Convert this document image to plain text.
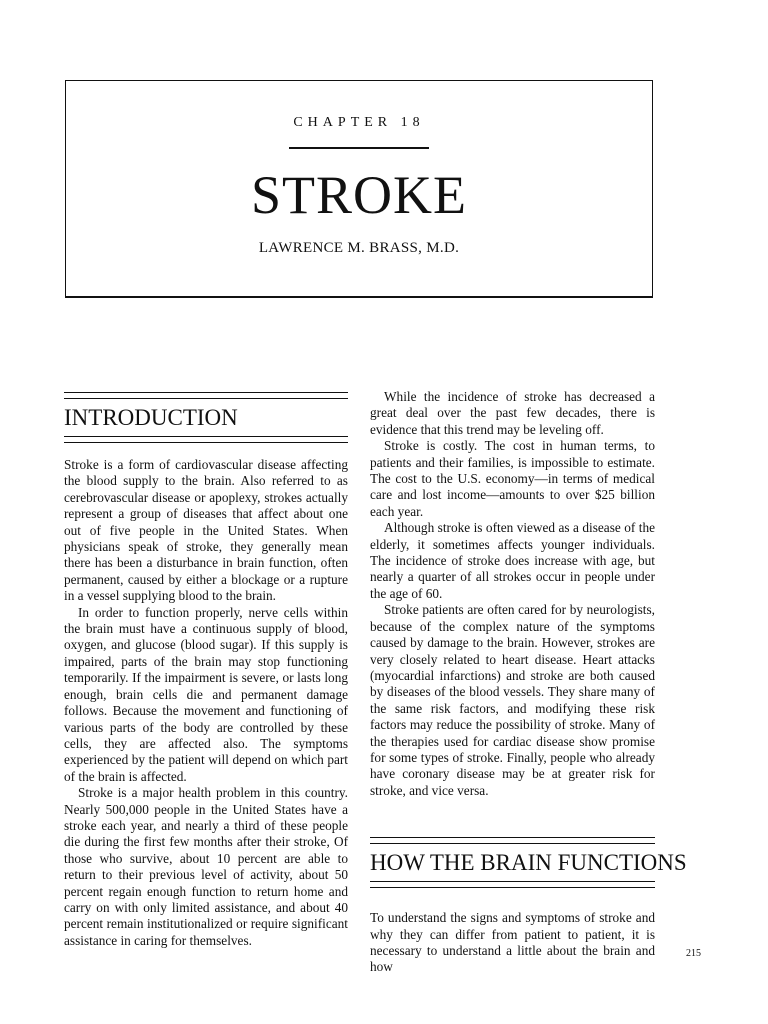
CHAPTER 18
STROKE
LAWRENCE M. BRASS, M.D.
INTRODUCTION

Stroke is a form of cardiovascular disease affecting the blood supply to the brain. Also referred to as cerebrovascular disease or apoplexy, strokes actually represent a group of diseases that affect about one out of five people in the United States. When physicians speak of stroke, they generally mean there has been a disturbance in brain function, often permanent, caused by either a blockage or a rupture in a vessel supplying blood to the brain.

In order to function properly, nerve cells within the brain must have a continuous supply of blood, oxygen, and glucose (blood sugar). If this supply is impaired, parts of the brain may stop functioning temporarily. If the impairment is severe, or lasts long enough, brain cells die and permanent damage follows. Because the movement and functioning of various parts of the body are controlled by these cells, they are affected also. The symptoms experienced by the patient will depend on which part of the brain is affected.

Stroke is a major health problem in this country. Nearly 500,000 people in the United States have a stroke each year, and nearly a third of these people die during the first few months after their stroke, Of those who survive, about 10 percent are able to return to their previous level of activity, about 50 percent regain enough function to return home and carry on with only limited assistance, and about 40 percent remain institutionalized or require significant assistance in caring for themselves.

While the incidence of stroke has decreased a great deal over the past few decades, there is evidence that this trend may be leveling off.

Stroke is costly. The cost in human terms, to patients and their families, is impossible to estimate. The cost to the U.S. economy—in terms of medical care and lost income—amounts to over $25 billion each year.

Although stroke is often viewed as a disease of the elderly, it sometimes affects younger individuals. The incidence of stroke does increase with age, but nearly a quarter of all strokes occur in people under the age of 60.

Stroke patients are often cared for by neurologists, because of the complex nature of the symptoms caused by damage to the brain. However, strokes are very closely related to heart disease. Heart attacks (myocardial infarctions) and stroke are both caused by diseases of the blood vessels. They share many of the same risk factors, and modifying these risk factors may reduce the possibility of stroke. Many of the therapies used for cardiac disease show promise for some types of stroke. Finally, people who already have coronary disease may be at greater risk for stroke, and vice versa.

HOW THE BRAIN FUNCTIONS

To understand the signs and symptoms of stroke and why they can differ from patient to patient, it is necessary to understand a little about the brain and how

215
